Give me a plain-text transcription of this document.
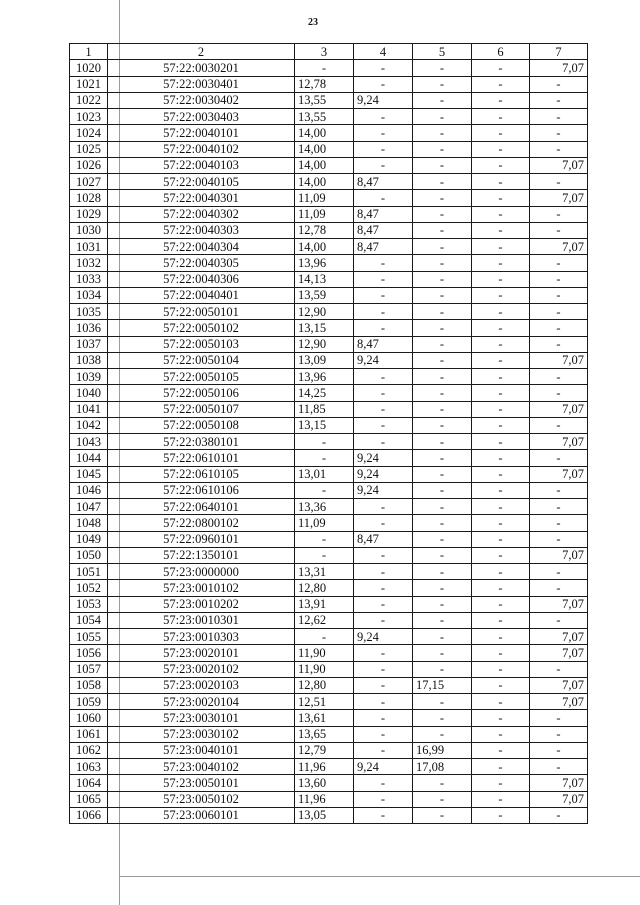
23
1	2	3	4	5	6	7
1020	57:22:0030201	-	-	-	-	7,07
1021	57:22:0030401	12,78	-	-	-	-
1022	57:22:0030402	13,55	9,24	-	-	-
1023	57:22:0030403	13,55	-	-	-	-
1024	57:22:0040101	14,00	-	-	-	-
1025	57:22:0040102	14,00	-	-	-	-
1026	57:22:0040103	14,00	-	-	-	7,07
1027	57:22:0040105	14,00	8,47	-	-	-
1028	57:22:0040301	11,09	-	-	-	7,07
1029	57:22:0040302	11,09	8,47	-	-	-
1030	57:22:0040303	12,78	8,47	-	-	-
1031	57:22:0040304	14,00	8,47	-	-	7,07
1032	57:22:0040305	13,96	-	-	-	-
1033	57:22:0040306	14,13	-	-	-	-
1034	57:22:0040401	13,59	-	-	-	-
1035	57:22:0050101	12,90	-	-	-	-
1036	57:22:0050102	13,15	-	-	-	-
1037	57:22:0050103	12,90	8,47	-	-	-
1038	57:22:0050104	13,09	9,24	-	-	7,07
1039	57:22:0050105	13,96	-	-	-	-
1040	57:22:0050106	14,25	-	-	-	-
1041	57:22:0050107	11,85	-	-	-	7,07
1042	57:22:0050108	13,15	-	-	-	-
1043	57:22:0380101	-	-	-	-	7,07
1044	57:22:0610101	-	9,24	-	-	-
1045	57:22:0610105	13,01	9,24	-	-	7,07
1046	57:22:0610106	-	9,24	-	-	-
1047	57:22:0640101	13,36	-	-	-	-
1048	57:22:0800102	11,09	-	-	-	-
1049	57:22:0960101	-	8,47	-	-	-
1050	57:22:1350101	-	-	-	-	7,07
1051	57:23:0000000	13,31	-	-	-	-
1052	57:23:0010102	12,80	-	-	-	-
1053	57:23:0010202	13,91	-	-	-	7,07
1054	57:23:0010301	12,62	-	-	-	-
1055	57:23:0010303	-	9,24	-	-	7,07
1056	57:23:0020101	11,90	-	-	-	7,07
1057	57:23:0020102	11,90	-	-	-	-
1058	57:23:0020103	12,80	-	17,15	-	7,07
1059	57:23:0020104	12,51	-	-	-	7,07
1060	57:23:0030101	13,61	-	-	-	-
1061	57:23:0030102	13,65	-	-	-	-
1062	57:23:0040101	12,79	-	16,99	-	-
1063	57:23:0040102	11,96	9,24	17,08	-	-
1064	57:23:0050101	13,60	-	-	-	7,07
1065	57:23:0050102	11,96	-	-	-	7,07
1066	57:23:0060101	13,05	-	-	-	-
